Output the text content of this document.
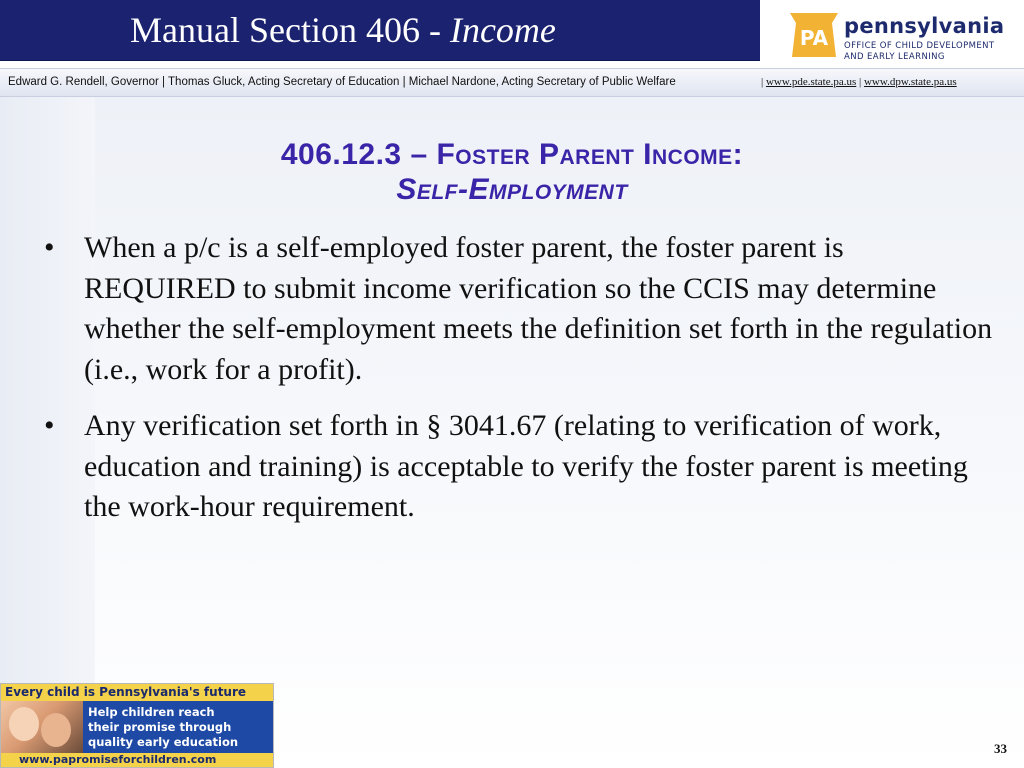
Manual Section 406 - Income	PA pennsylvania
OFFICE OF CHILD DEVELOPMENT
AND EARLY LEARNING
Edward G. Rendell, Governor | Thomas Gluck, Acting Secretary of Education | Michael Nardone, Acting Secretary of Public Welfare	| www.pde.state.pa.us | www.dpw.state.pa.us
406.12.3 – Foster Parent Income:
Self-Employment
• When a p/c is a self-employed foster parent, the foster parent is REQUIRED to submit income verification so the CCIS may determine whether the self-employment meets the definition set forth in the regulation (i.e., work for a profit).
• Any verification set forth in § 3041.67 (relating to verification of work, education and training) is acceptable to verify the foster parent is meeting the work-hour requirement.
Every child is Pennsylvania's future
Help children reach
their promise through
quality early education
www.papromiseforchildren.com
33
